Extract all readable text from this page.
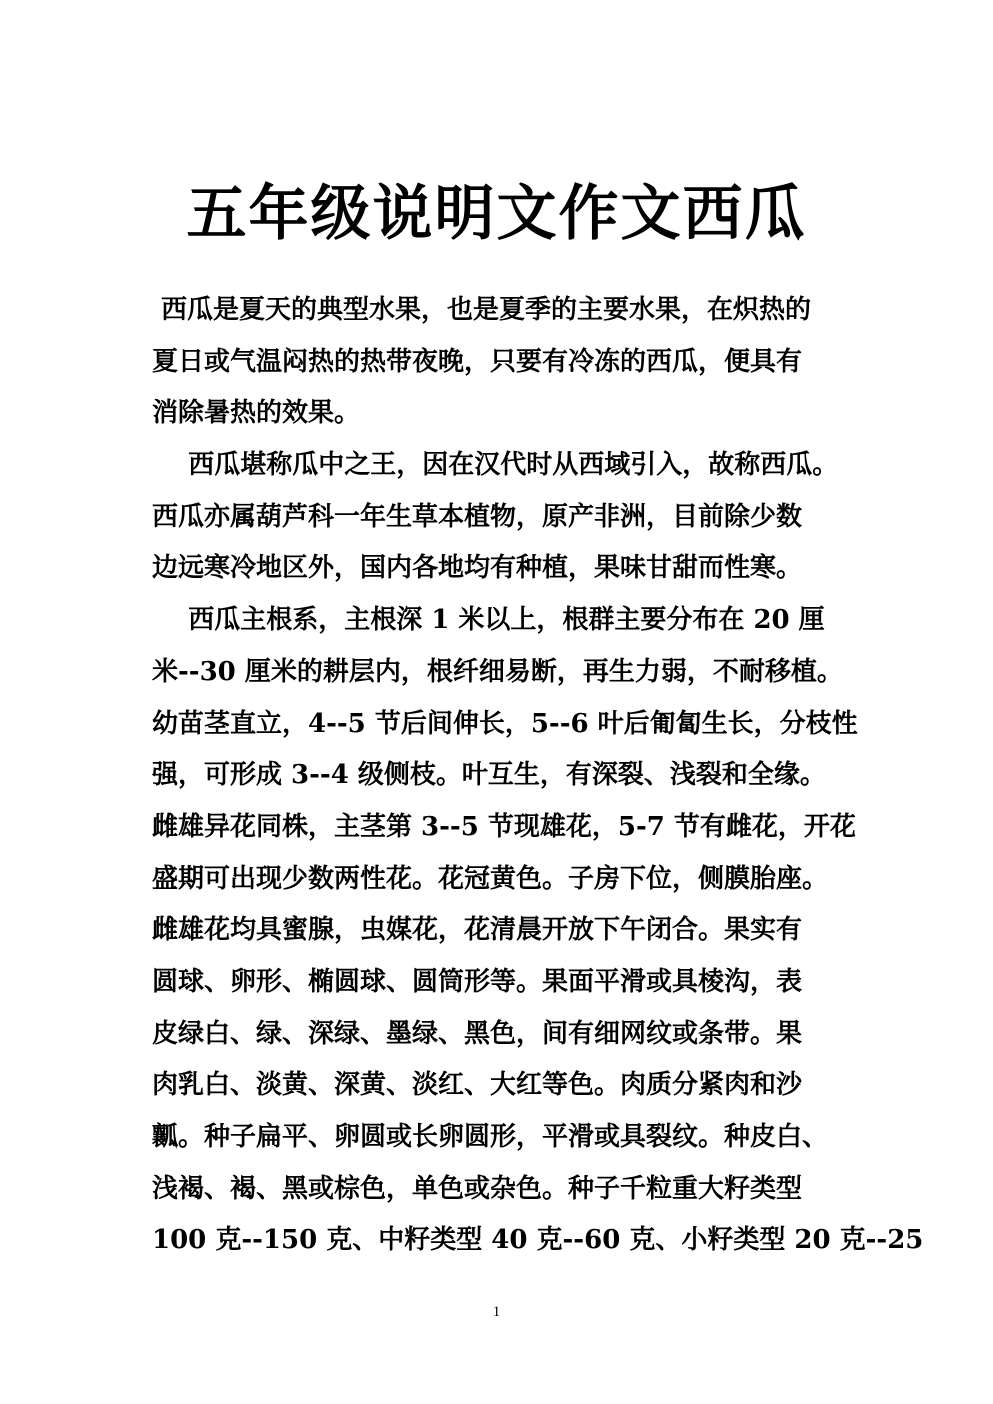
五年级说明文作文西瓜
西瓜是夏天的典型水果，也是夏季的主要水果，在炽热的
夏日或气温闷热的热带夜晚，只要有冷冻的西瓜，便具有
消除暑热的效果。
西瓜堪称瓜中之王，因在汉代时从西域引入，故称西瓜。
西瓜亦属葫芦科一年生草本植物，原产非洲，目前除少数
边远寒冷地区外，国内各地均有种植，果味甘甜而性寒。
西瓜主根系，主根深 1 米以上，根群主要分布在 20 厘
米--30 厘米的耕层内，根纤细易断，再生力弱，不耐移植。
幼苗茎直立，4--5 节后间伸长，5--6 叶后匍匐生长，分枝性
强，可形成 3--4 级侧枝。叶互生，有深裂、浅裂和全缘。
雌雄异花同株，主茎第 3--5 节现雄花，5-7 节有雌花，开花
盛期可出现少数两性花。花冠黄色。子房下位，侧膜胎座。
雌雄花均具蜜腺，虫媒花，花清晨开放下午闭合。果实有
圆球、卵形、椭圆球、圆筒形等。果面平滑或具棱沟，表
皮绿白、绿、深绿、墨绿、黑色，间有细网纹或条带。果
肉乳白、淡黄、深黄、淡红、大红等色。肉质分紧肉和沙
瓤。种子扁平、卵圆或长卵圆形，平滑或具裂纹。种皮白、
浅褐、褐、黑或棕色，单色或杂色。种子千粒重大籽类型
100 克--150 克、中籽类型 40 克--60 克、小籽类型 20 克--25
1
